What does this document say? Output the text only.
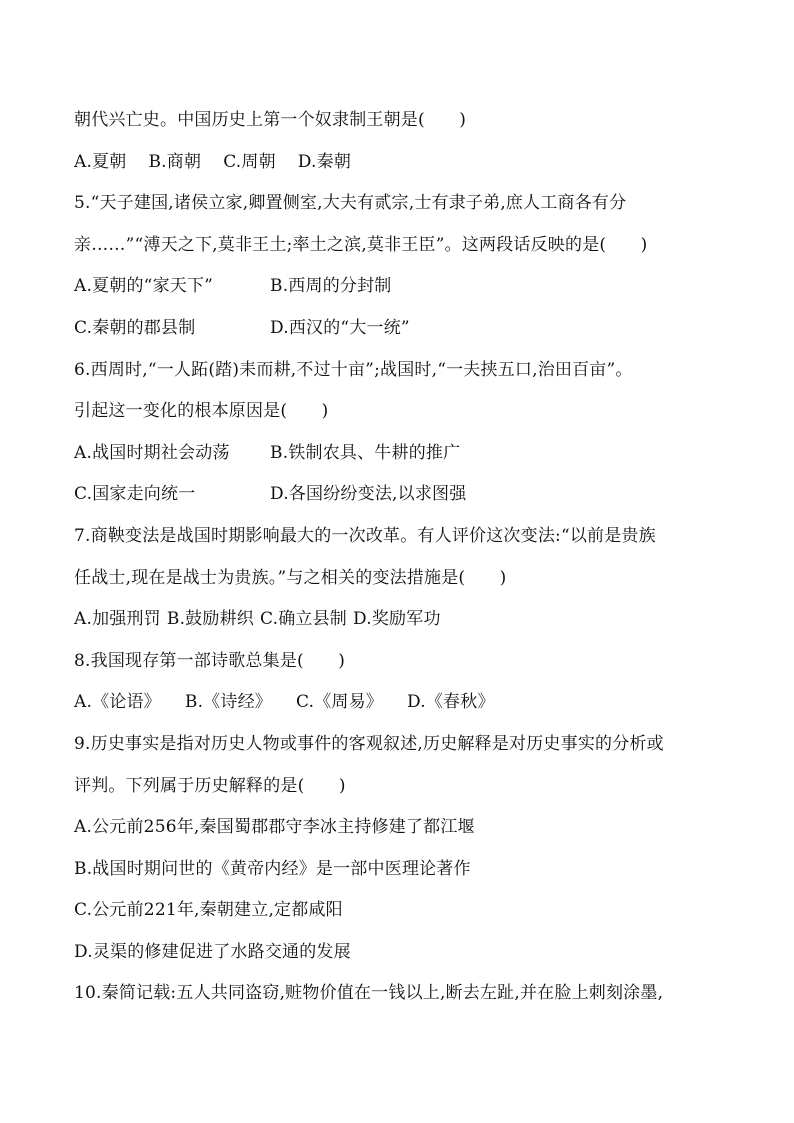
朝代兴亡史。中国历史上第一个奴隶制王朝是(　　)
A.夏朝 B.商朝 C.周朝 D.秦朝
5.“天子建国,诸侯立家,卿置侧室,大夫有贰宗,士有隶子弟,庶人工商各有分
亲……”“溥天之下,莫非王土;率土之滨,莫非王臣”。这两段话反映的是(　　)
A.夏朝的“家天下”	B.西周的分封制
C.秦朝的郡县制	D.西汉的“大一统”
6.西周时,“一人跖(踏)耒而耕,不过十亩”;战国时,“一夫挟五口,治田百亩”。
引起这一变化的根本原因是(　　)
A.战国时期社会动荡	B.铁制农具、牛耕的推广
C.国家走向统一	D.各国纷纷变法,以求图强
7.商鞅变法是战国时期影响最大的一次改革。有人评价这次变法:“以前是贵族
任战士,现在是战士为贵族。”与之相关的变法措施是(　　)
A.加强刑罚 B.鼓励耕织 C.确立县制 D.奖励军功
8.我国现存第一部诗歌总集是(　　)
A.《论语》 B.《诗经》 C.《周易》 D.《春秋》
9.历史事实是指对历史人物或事件的客观叙述,历史解释是对历史事实的分析或
评判。下列属于历史解释的是(　　)
A.公元前256年,秦国蜀郡郡守李冰主持修建了都江堰
B.战国时期问世的《黄帝内经》是一部中医理论著作
C.公元前221年,秦朝建立,定都咸阳
D.灵渠的修建促进了水路交通的发展
10.秦简记载:五人共同盗窃,赃物价值在一钱以上,断去左趾,并在脸上刺刻涂墨,
